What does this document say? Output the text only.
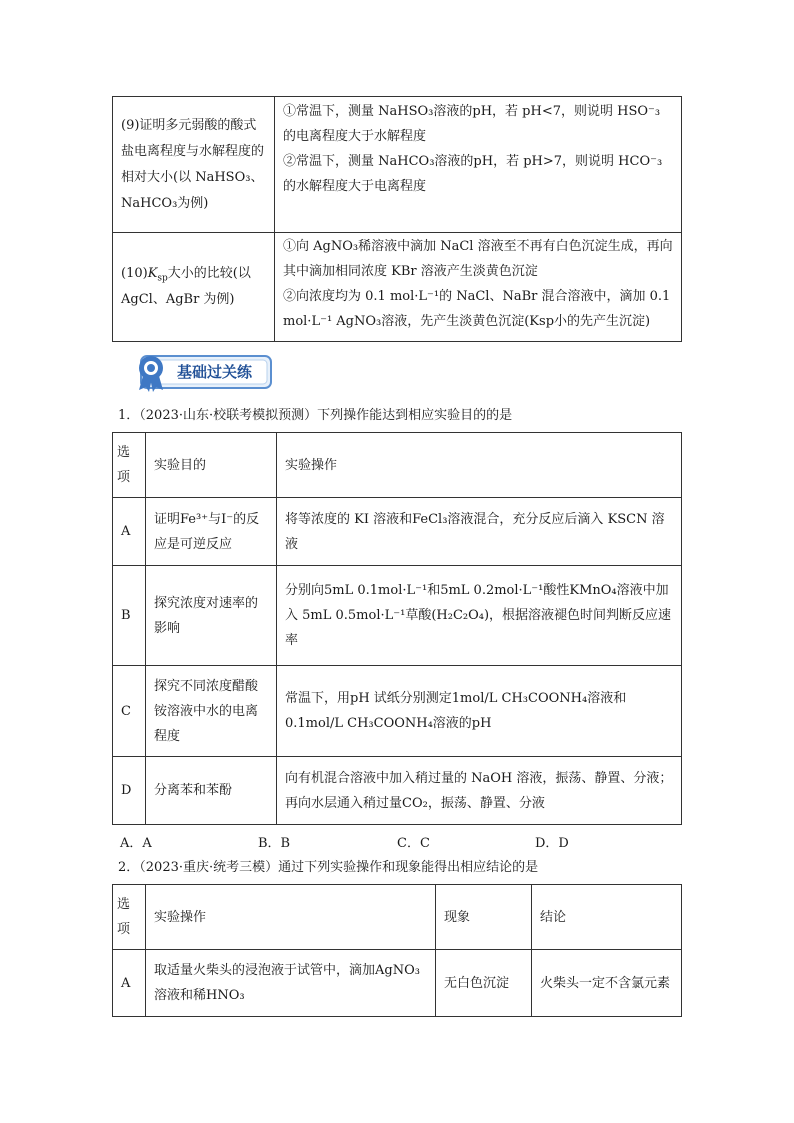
(9)证明多元弱酸的酸式盐电离程度与水解程度的相对大小(以 NaHSO₃、NaHCO₃为例)	①常温下，测量 NaHSO₃溶液的pH，若 pH<7，则说明 HSO⁻₃的电离程度大于水解程度
②常温下，测量 NaHCO₃溶液的pH，若 pH>7，则说明 HCO⁻₃的水解程度大于电离程度

$(10)K_{sp}$大小的比较(以 AgCl、AgBr 为例)	①向 AgNO₃稀溶液中滴加 NaCl 溶液至不再有白色沉淀生成，再向其中滴加相同浓度 KBr 溶液产生淡黄色沉淀
②向浓度均为 0.1 mol·L⁻¹的 NaCl、NaBr 混合溶液中，滴加 0.1 mol·L⁻¹ AgNO₃溶液，先产生淡黄色沉淀(Ksp小的先产生沉淀)
基础过关练
1．（2023·山东·校联考模拟预测）下列操作能达到相应实验目的的是
选项	实验目的	实验操作
A	证明Fe³⁺与I⁻的反应是可逆反应	将等浓度的 KI 溶液和FeCl₃溶液混合，充分反应后滴入 KSCN 溶液
B	探究浓度对速率的影响	分别向5mL 0.1mol·L⁻¹和5mL 0.2mol·L⁻¹酸性KMnO₄溶液中加入 5mL 0.5mol·L⁻¹草酸(H₂C₂O₄)，根据溶液褪色时间判断反应速率
C	探究不同浓度醋酸铵溶液中水的电离程度	常温下，用pH 试纸分别测定1mol/L CH₃COONH₄溶液和 0.1mol/L CH₃COONH₄溶液的pH
D	分离苯和苯酚	向有机混合溶液中加入稍过量的 NaOH 溶液，振荡、静置、分液；再向水层通入稍过量CO₂，振荡、静置、分液
A．A	B．B	C．C	D．D
2．（2023·重庆·统考三模）通过下列实验操作和现象能得出相应结论的是
选项	实验操作	现象	结论
A	取适量火柴头的浸泡液于试管中，滴加AgNO₃溶液和稀HNO₃	无白色沉淀	火柴头一定不含氯元素
